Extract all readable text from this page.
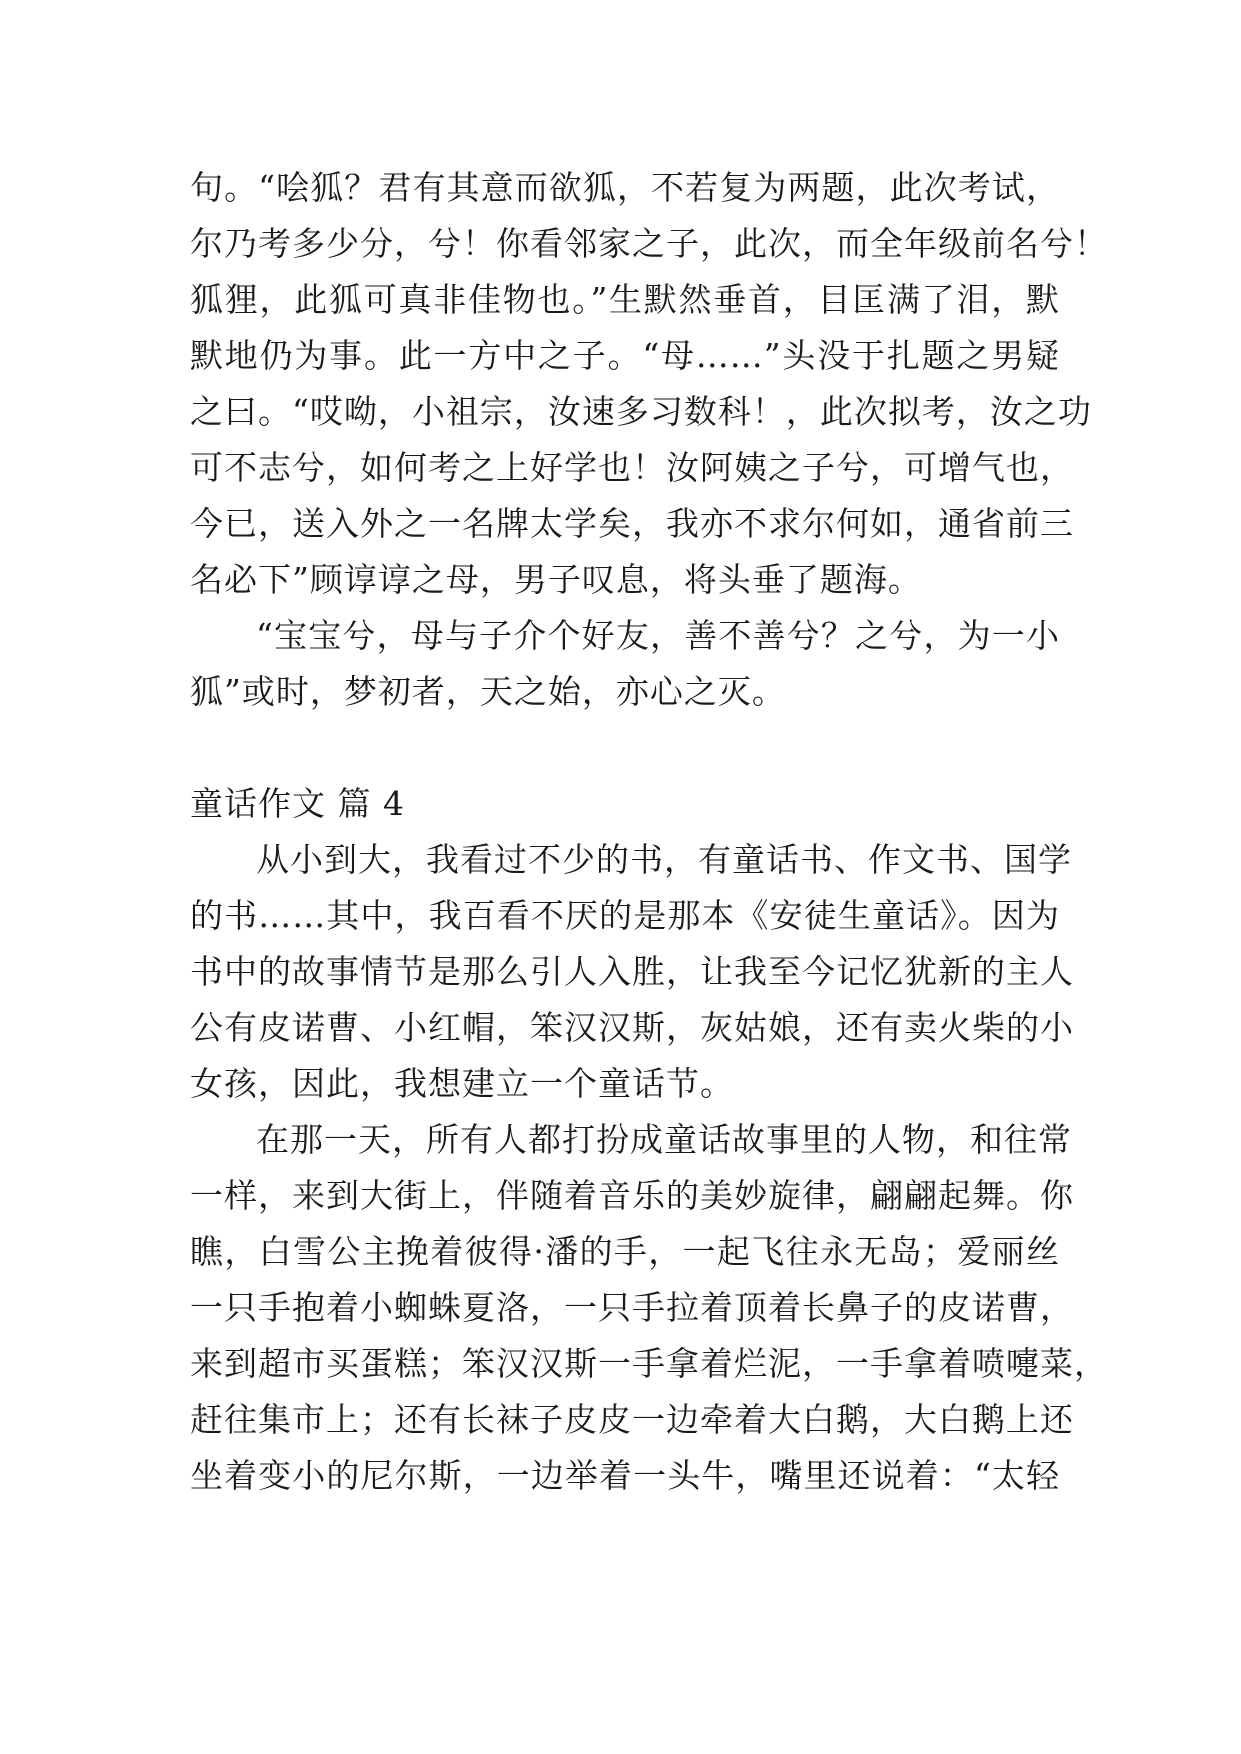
句。“哙狐？君有其意而欲狐，不若复为两题，此次考试，
尔乃考多少分，兮！你看邻家之子，此次，而全年级前名兮！
狐狸，此狐可真非佳物也。”生默然垂首，目匡满了泪，默
默地仍为事。此一方中之子。“母……”头没于扎题之男疑
之曰。“哎呦，小祖宗，汝速多习数科！，此次拟考，汝之功
可不志兮，如何考之上好学也！汝阿姨之子兮，可增气也，
今已，送入外之一名牌太学矣，我亦不求尔何如，通省前三
名必下”顾谆谆之母，男子叹息，将头垂了题海。
“宝宝兮，母与子介个好友，善不善兮？之兮，为一小
狐”或时，梦初者，天之始，亦心之灭。
童话作文 篇 4
从小到大，我看过不少的书，有童话书、作文书、国学
的书……其中，我百看不厌的是那本《安徒生童话》。因为
书中的故事情节是那么引人入胜，让我至今记忆犹新的主人
公有皮诺曹、小红帽，笨汉汉斯，灰姑娘，还有卖火柴的小
女孩，因此，我想建立一个童话节。
在那一天，所有人都打扮成童话故事里的人物，和往常
一样，来到大街上，伴随着音乐的美妙旋律，翩翩起舞。你
瞧，白雪公主挽着彼得·潘的手，一起飞往永无岛；爱丽丝
一只手抱着小蜘蛛夏洛，一只手拉着顶着长鼻子的皮诺曹，
来到超市买蛋糕；笨汉汉斯一手拿着烂泥，一手拿着喷嚏菜，
赶往集市上；还有长袜子皮皮一边牵着大白鹅，大白鹅上还
坐着变小的尼尔斯，一边举着一头牛，嘴里还说着：“太轻
